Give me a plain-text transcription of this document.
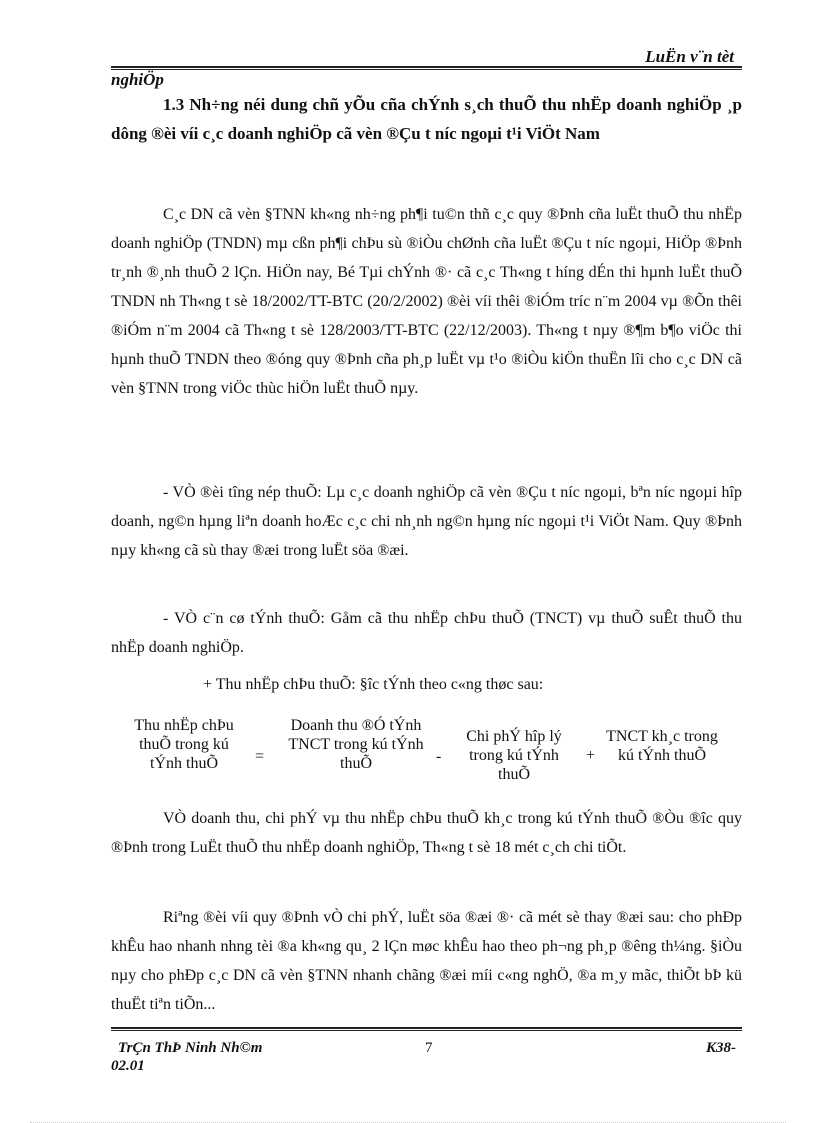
LuËn v¨n tèt
nghiÖp
1.3 Nh÷ng néi dung chñ yÕu cña chÝnh s¸ch thuÕ thu nhËp doanh nghiÖp ¸p dông ®èi víi c¸c doanh nghiÖp cã vèn ®Çu t níc ngoµi t¹i ViÖt Nam
C¸c DN cã vèn §TNN kh«ng nh÷ng ph¶i tu©n thñ c¸c quy ®Þnh cña luËt thuÕ thu nhËp doanh nghiÖp (TNDN) mµ cßn ph¶i chÞu sù ®iÒu chØnh cña luËt ®Çu t níc ngoµi, HiÖp ®Þnh tr¸nh ®¸nh thuÕ 2 lÇn. HiÖn nay, Bé Tµi chÝnh ®· cã c¸c Th«ng t híng dÉn thi hµnh luËt thuÕ TNDN nh Th«ng t sè 18/2002/TT-BTC (20/2/2002) ®èi víi thêi ®iÓm tríc n¨m 2004 vµ ®Õn thêi ®iÓm n¨m 2004 cã Th«ng t sè 128/2003/TT-BTC (22/12/2003). Th«ng t nµy ®¶m b¶o viÖc thi hµnh thuÕ TNDN theo ®óng quy ®Þnh cña ph¸p luËt vµ t¹o ®iÒu kiÖn thuËn lîi cho c¸c DN cã vèn §TNN trong viÖc thùc hiÖn luËt thuÕ nµy.
- VÒ ®èi tîng nép thuÕ: Lµ c¸c doanh nghiÖp cã vèn ®Çu t níc ngoµi, bªn níc ngoµi hîp doanh, ng©n hµng liªn doanh hoÆc c¸c chi nh¸nh ng©n hµng níc ngoµi t¹i ViÖt Nam. Quy ®Þnh nµy kh«ng cã sù thay ®æi trong luËt söa ®æi.
- VÒ c¨n cø tÝnh thuÕ: Gåm cã thu nhËp chÞu thuÕ (TNCT) vµ thuÕ suÊt thuÕ thu nhËp doanh nghiÖp.
+ Thu nhËp chÞu thuÕ: §îc tÝnh theo c«ng thøc sau:
Thu nhËp chÞu thuÕ trong kú tÝnh thuÕ	=
Doanh thu ®Ó tÝnh TNCT trong kú tÝnh thuÕ	-
Chi phÝ hîp lý trong kú tÝnh thuÕ
+
TNCT kh¸c trong kú tÝnh thuÕ
VÒ doanh thu, chi phÝ vµ thu nhËp chÞu thuÕ kh¸c trong kú tÝnh thuÕ ®Òu ®îc quy ®Þnh trong LuËt thuÕ thu nhËp doanh nghiÖp, Th«ng t sè 18 mét c¸ch chi tiÕt.
Riªng ®èi víi quy ®Þnh vÒ chi phÝ, luËt söa ®æi ®· cã mét sè thay ®æi sau: cho phÐp khÊu hao nhanh nhng tèi ®a kh«ng qu¸ 2 lÇn møc khÊu hao theo ph¬ng ph¸p ®êng th¼ng. §iÒu nµy cho phÐp c¸c DN cã vèn §TNN nhanh chãng ®æi míi c«ng nghÖ, ®a m¸y mãc, thiÕt bÞ kü thuËt tiªn tiÕn...
TrÇn ThÞ Ninh Nh©m	7	K38-
02.01
